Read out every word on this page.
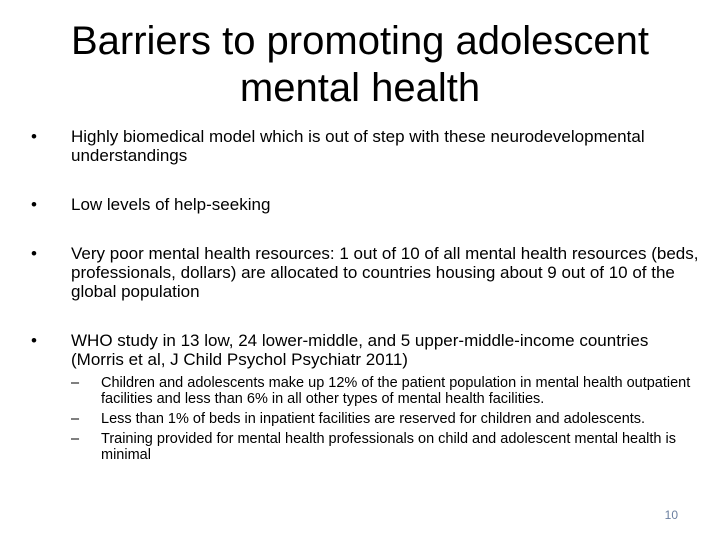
Barriers to promoting adolescent mental health
• Highly biomedical model which is out of step with these neurodevelopmental understandings
• Low levels of help-seeking
• Very poor mental health resources: 1 out of 10 of all mental health resources (beds, professionals, dollars) are allocated to countries housing about 9 out of 10 of the global population
• WHO study in 13 low, 24 lower-middle, and 5 upper-middle-income countries (Morris et al, J Child Psychol Psychiatr 2011)
– Children and adolescents make up 12% of the patient population in mental health outpatient facilities and less than 6% in all other types of mental health facilities.
– Less than 1% of beds in inpatient facilities are reserved for children and adolescents.
– Training provided for mental health professionals on child and adolescent mental health is minimal
10
